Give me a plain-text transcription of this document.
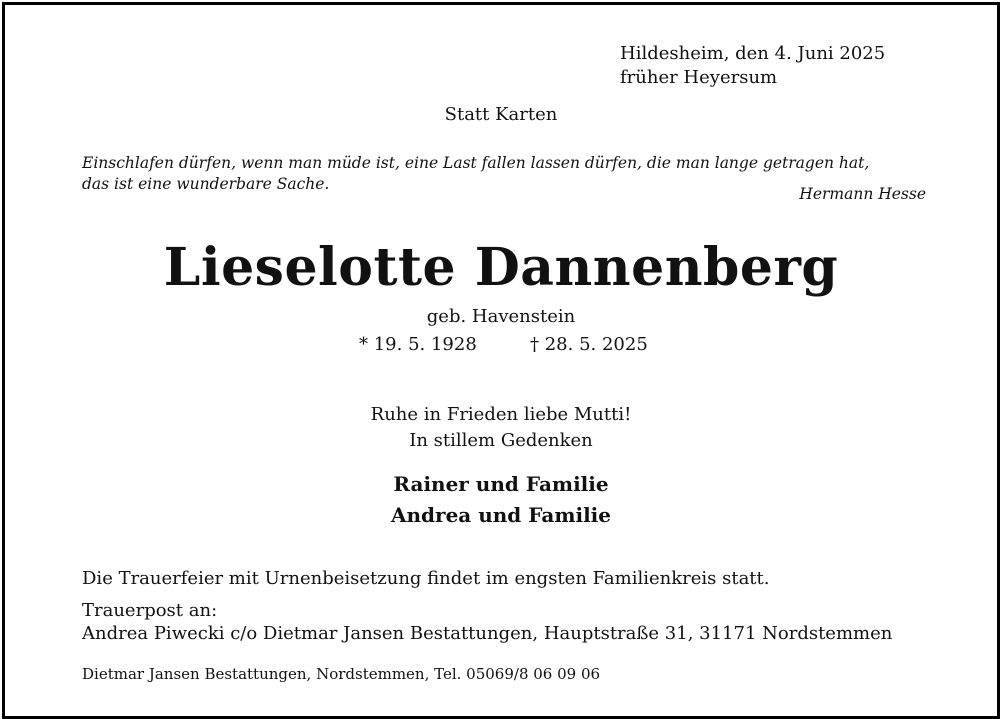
Hildesheim, den 4. Juni 2025
früher Heyersum
Statt Karten
Einschlafen dürfen, wenn man müde ist, eine Last fallen lassen dürfen, die man lange getragen hat,
das ist eine wunderbare Sache.
Hermann Hesse
Lieselotte Dannenberg
geb. Havenstein
* 19. 5. 1928	† 28. 5. 2025
Ruhe in Frieden liebe Mutti!
In stillem Gedenken
Rainer und Familie
Andrea und Familie
Die Trauerfeier mit Urnenbeisetzung findet im engsten Familienkreis statt.
Trauerpost an:
Andrea Piwecki c/o Dietmar Jansen Bestattungen, Hauptstraße 31, 31171 Nordstemmen
Dietmar Jansen Bestattungen, Nordstemmen, Tel. 05069/8 06 09 06
